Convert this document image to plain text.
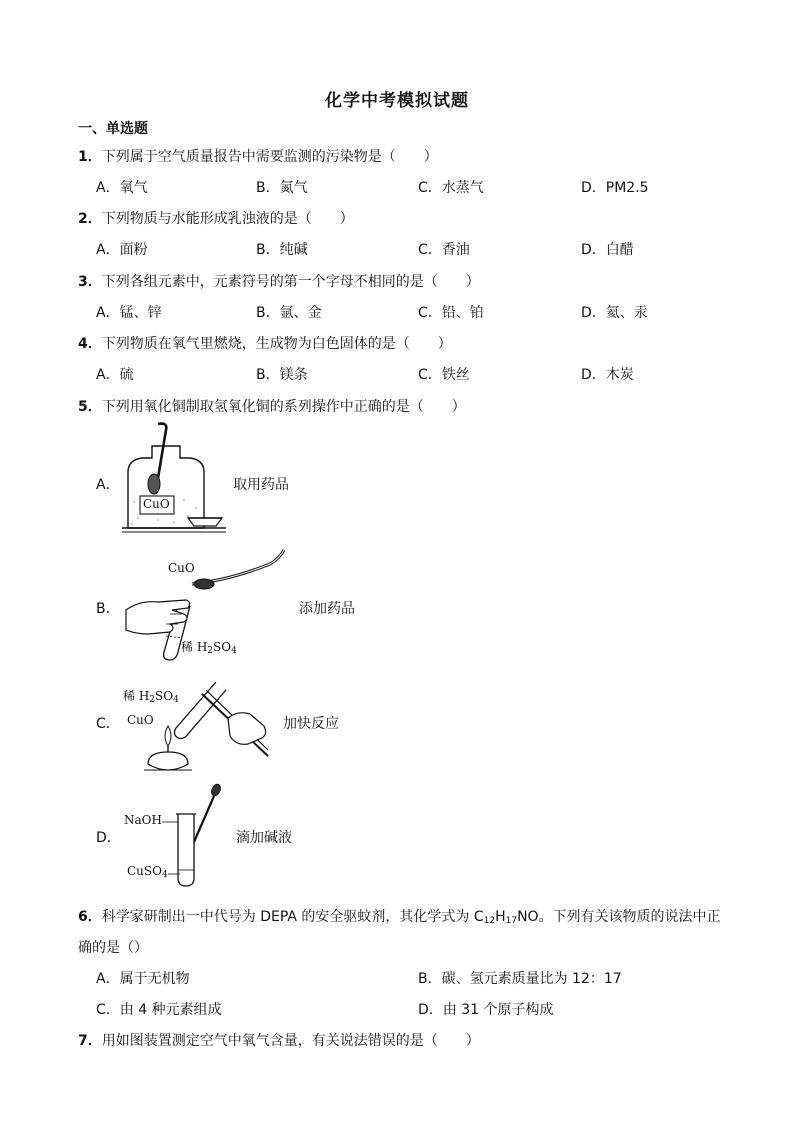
化学中考模拟试题
一、单选题
1．下列属于空气质量报告中需要监测的污染物是（　　）
A．氧气	B．氮气	C．水蒸气	D．PM2.5
2．下列物质与水能形成乳浊液的是（　　）
A．面粉	B．纯碱	C．香油	D．白醋
3．下列各组元素中，元素符号的第一个字母不相同的是（　　）
A．锰、锌	B．氩、金	C．铅、铂	D．氦、汞
4．下列物质在氧气里燃烧，生成物为白色固体的是（　　）
A．硫	B．镁条	C．铁丝	D．木炭
5．下列用氧化铜制取氢氧化铜的系列操作中正确的是（　　）
A．
CuO
取用药品
B．
CuO
稀 $H_2SO_4$
添加药品
C．
稀 $H_2SO_4$
CuO	加快反应
D．
NaOH
CuSO$_4$
滴加碱液
6．科学家研制出一中代号为 DEPA 的安全驱蚊剂，其化学式为 $C_{12}H_{17}NO$。下列有关该物质的说法中正
确的是（）
A．属于无机物	B．碳、氢元素质量比为 12：17
C．由 4 种元素组成	D．由 31 个原子构成
7．用如图装置测定空气中氧气含量，有关说法错误的是（　　）
